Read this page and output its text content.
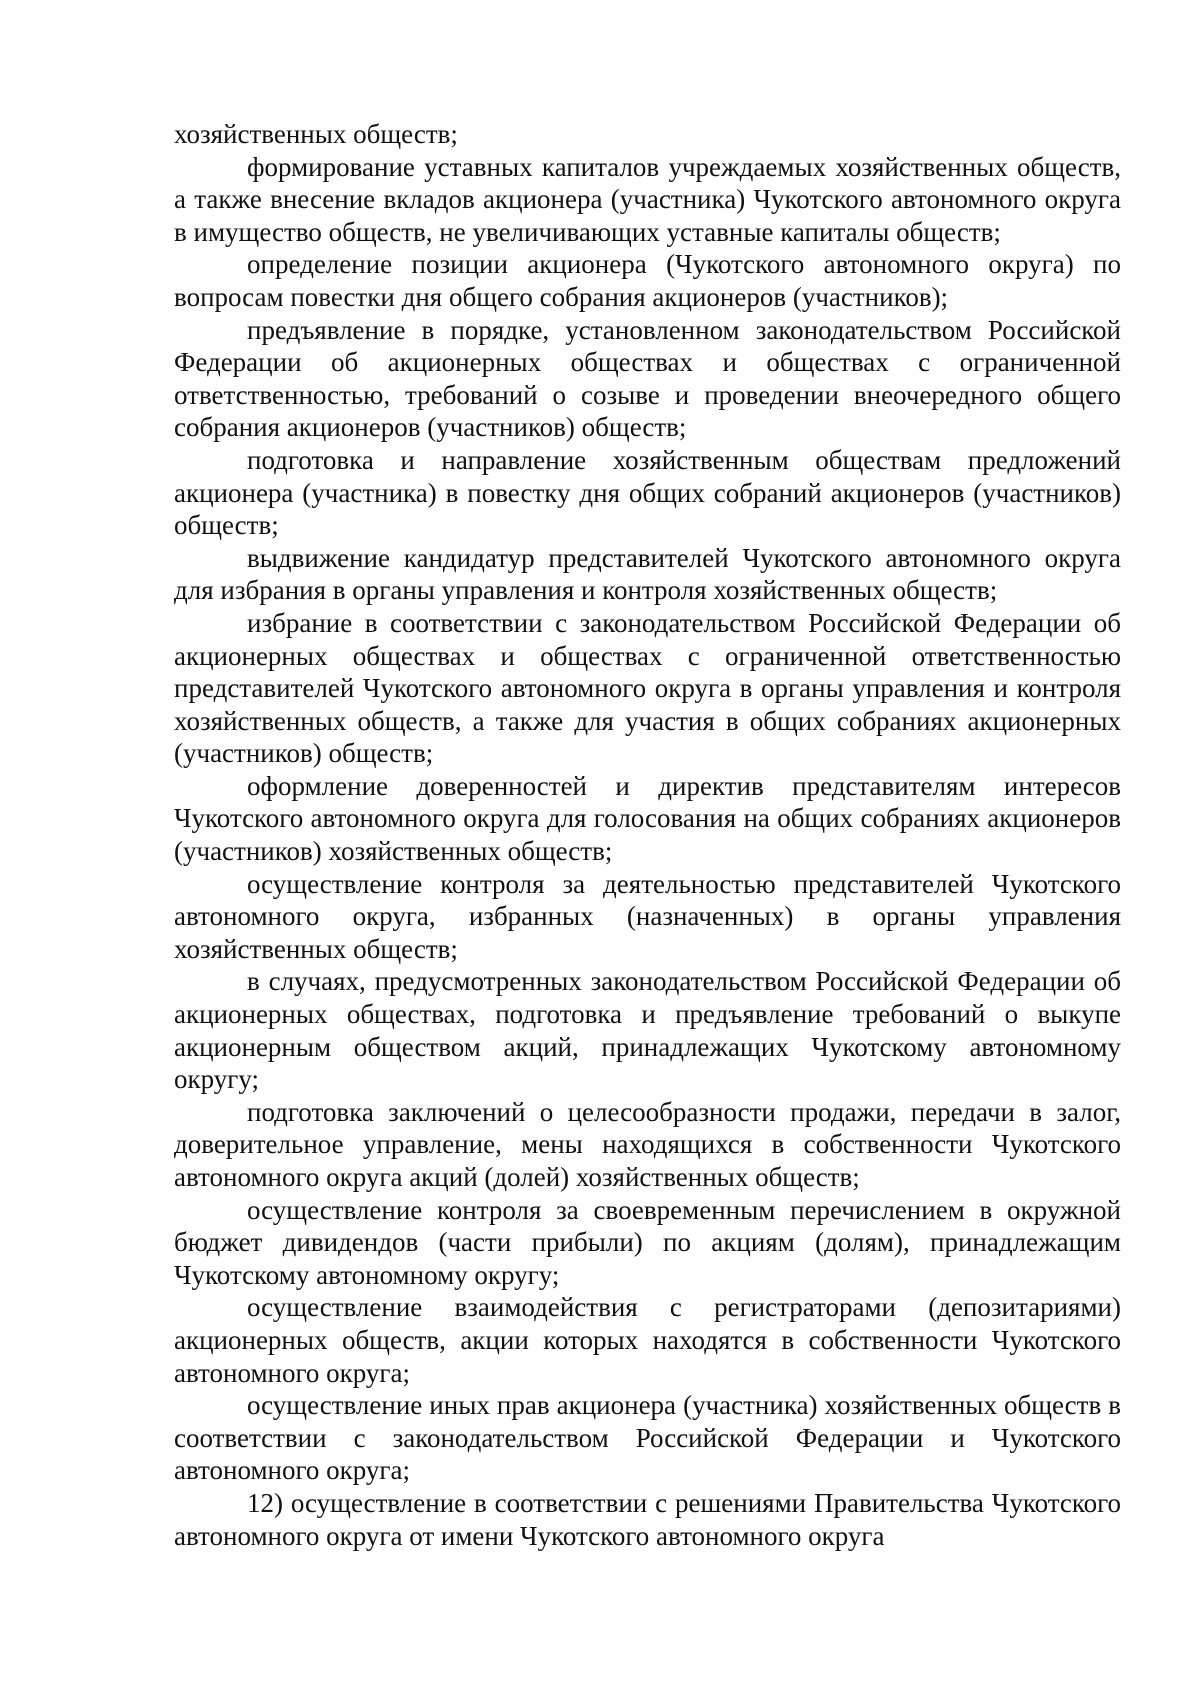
хозяйственных обществ;

формирование уставных капиталов учреждаемых хозяйственных обществ, а также внесение вкладов акционера (участника) Чукотского автономного округа в имущество обществ, не увеличивающих уставные капиталы обществ;

определение позиции акционера (Чукотского автономного округа) по вопросам повестки дня общего собрания акционеров (участников);

предъявление в порядке, установленном законодательством Российской Федерации об акционерных обществах и обществах с ограниченной ответственностью, требований о созыве и проведении внеочередного общего собрания акционеров (участников) обществ;

подготовка и направление хозяйственным обществам предложений акционера (участника) в повестку дня общих собраний акционеров (участников) обществ;

выдвижение кандидатур представителей Чукотского автономного округа для избрания в органы управления и контроля хозяйственных обществ;

избрание в соответствии с законодательством Российской Федерации об акционерных обществах и обществах с ограниченной ответственностью представителей Чукотского автономного округа в органы управления и контроля хозяйственных обществ, а также для участия в общих собраниях акционерных (участников) обществ;

оформление доверенностей и директив представителям интересов Чукотского автономного округа для голосования на общих собраниях акционеров (участников) хозяйственных обществ;

осуществление контроля за деятельностью представителей Чукотского автономного округа, избранных (назначенных) в органы управления хозяйственных обществ;

в случаях, предусмотренных законодательством Российской Федерации об акционерных обществах, подготовка и предъявление требований о выкупе акционерным обществом акций, принадлежащих Чукотскому автономному округу;

подготовка заключений о целесообразности продажи, передачи в залог, доверительное управление, мены находящихся в собственности Чукотского автономного округа акций (долей) хозяйственных обществ;

осуществление контроля за своевременным перечислением в окружной бюджет дивидендов (части прибыли) по акциям (долям), принадлежащим Чукотскому автономному округу;

осуществление взаимодействия с регистраторами (депозитариями) акционерных обществ, акции которых находятся в собственности Чукотского автономного округа;

осуществление иных прав акционера (участника) хозяйственных обществ в соответствии с законодательством Российской Федерации и Чукотского автономного округа;

12) осуществление в соответствии с решениями Правительства Чукотского автономного округа от имени Чукотского автономного округа
